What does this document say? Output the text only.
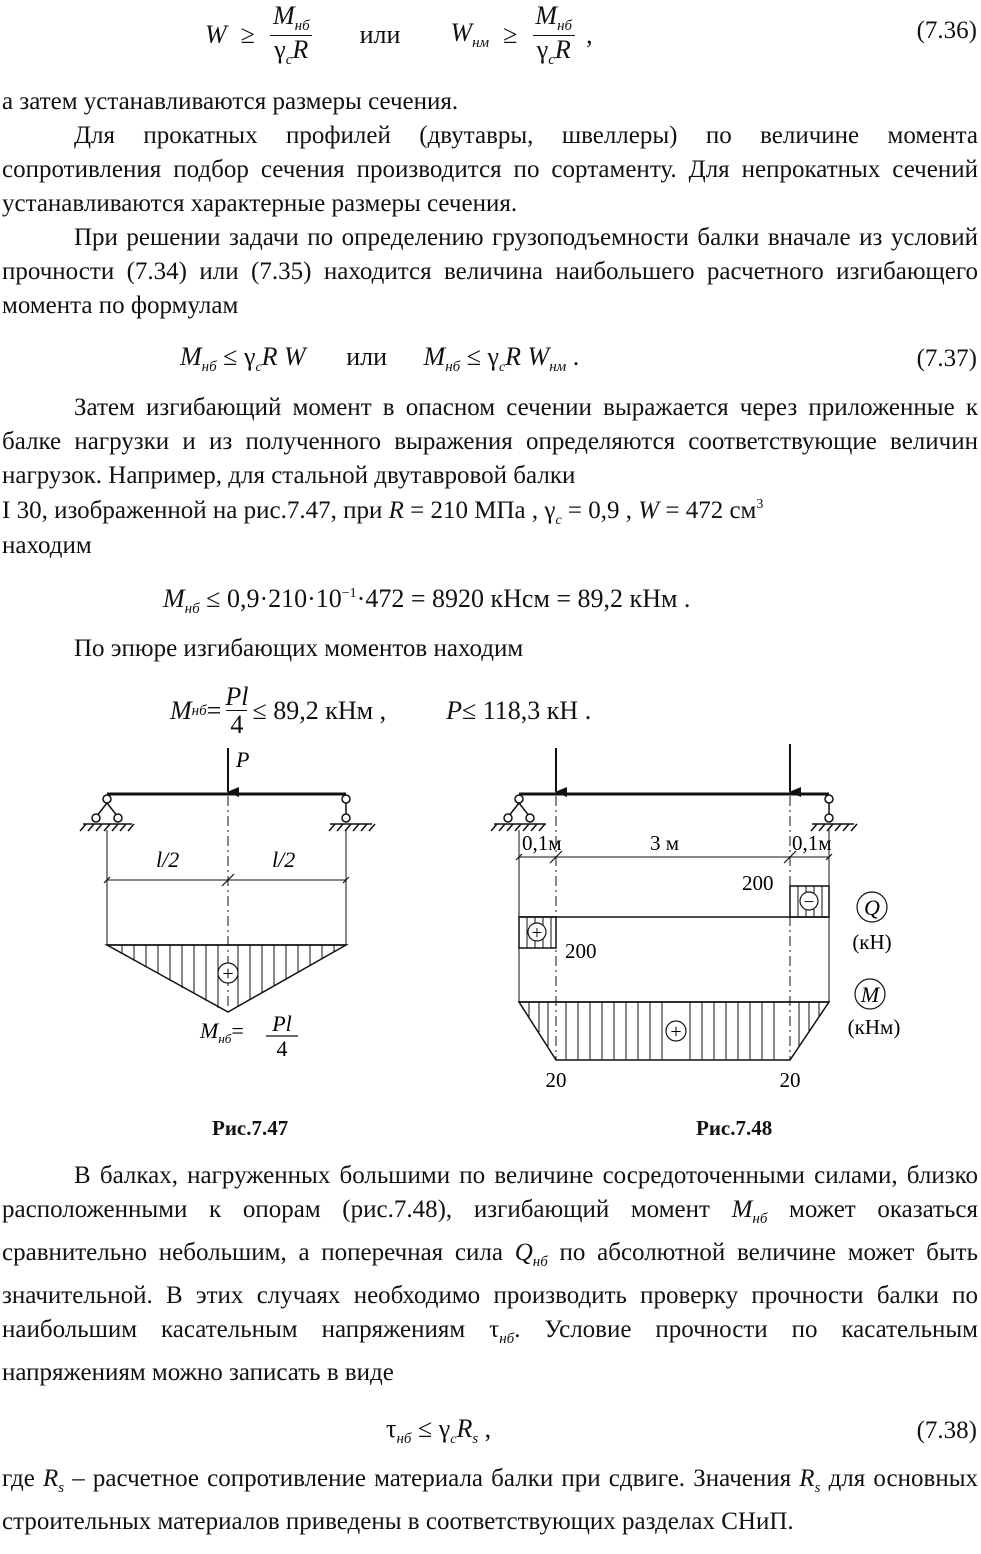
$W \ge \frac{M_{нб}}{\gamma_cR}$ или $W_{нм} \ge \frac{M_{нб}}{\gamma_cR}$ ,	(7.36)
а затем устанавливаются размеры сечения.
Для прокатных профилей (двутавры, швеллеры) по величине момента сопротивления подбор сечения производится по сортаменту. Для непрокатных сечений устанавливаются характерные размеры сечения.
При решении задачи по определению грузоподъемности балки вначале из условий прочности (7.34) или (7.35) находится величина наибольшего расчетного изгибающего момента по формулам
$M_{нб} \le \gamma_cR$ W или $M_{нб} \le \gamma_cR$ $W_{нм}$ .	(7.37)
Затем изгибающий момент в опасном сечении выражается через приложенные к балке нагрузки и из полученного выражения определяются соответствующие величин нагрузок. Например, для стальной двутавровой балки
I 30, изображенной на рис.7.47, при R = 210 МПа , $\gamma_c = 0,9$ , W = 472 $см^3$
находим
$M_{нб} \le 0,9\cdot 210\cdot 10^{-1}\cdot 472 = 8920$ кНсм = 89,2 кНм .
По эпюре изгибающих моментов находим
M нб = $\frac{Pl}{4} \le 89,2$ кНм , P ≤ 118,3 кН .
P
l/2	l/2
+
$M_{нб}= Pl$
4
0,1м	3 м	0,1м
+
−
200
200
Q
(кН)
+
20	20
M
(кНм)
Рис.7.47	Рис.7.48
В балках, нагруженных большими по величине сосредоточенными силами, близко расположенными к опорам (рис.7.48), изгибающий момент $M_{нб}$ может оказаться сравнительно небольшим, а поперечная сила $Q_{нб}$ по абсолютной величине может быть значительной. В этих случаях необходимо производить проверку прочности балки по наибольшим касательным напряжениям $\tau_{нб}$. Условие прочности по касательным напряжениям можно записать в виде
$\tau_{нб} \le \gamma_cR_s$ ,	(7.38)
где $R_s$ – расчетное сопротивление материала балки при сдвиге. Значения $R_s$ для основных строительных материалов приведены в соответствующих разделах СНиП.
